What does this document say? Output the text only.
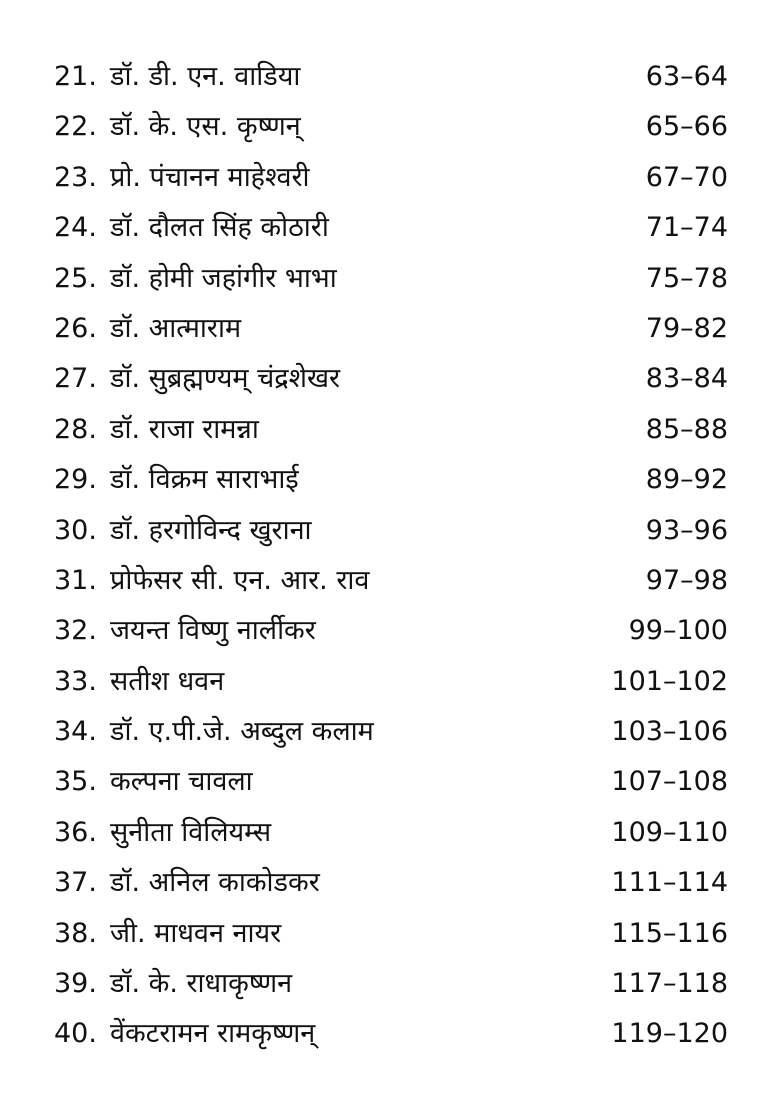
21. डॉ. डी. एन. वाडिया	63–64
22. डॉ. के. एस. कृष्णन्	65–66
23. प्रो. पंचानन माहेश्वरी	67–70
24. डॉ. दौलत सिंह कोठारी	71–74
25. डॉ. होमी जहांगीर भाभा	75–78
26. डॉ. आत्माराम	79–82
27. डॉ. सुब्रह्मण्यम् चंद्रशेखर	83–84
28. डॉ. राजा रामन्ना	85–88
29. डॉ. विक्रम साराभाई	89–92
30. डॉ. हरगोविन्द खुराना	93–96
31. प्रोफेसर सी. एन. आर. राव	97–98
32. जयन्त विष्णु नार्लीकर	99–100
33. सतीश धवन	101–102
34. डॉ. ए.पी.जे. अब्दुल कलाम	103–106
35. कल्पना चावला	107–108
36. सुनीता विलियम्स	109–110
37. डॉ. अनिल काकोडकर	111–114
38. जी. माधवन नायर	115–116
39. डॉ. के. राधाकृष्णन	117–118
40. वेंकटरामन रामकृष्णन्	119–120
